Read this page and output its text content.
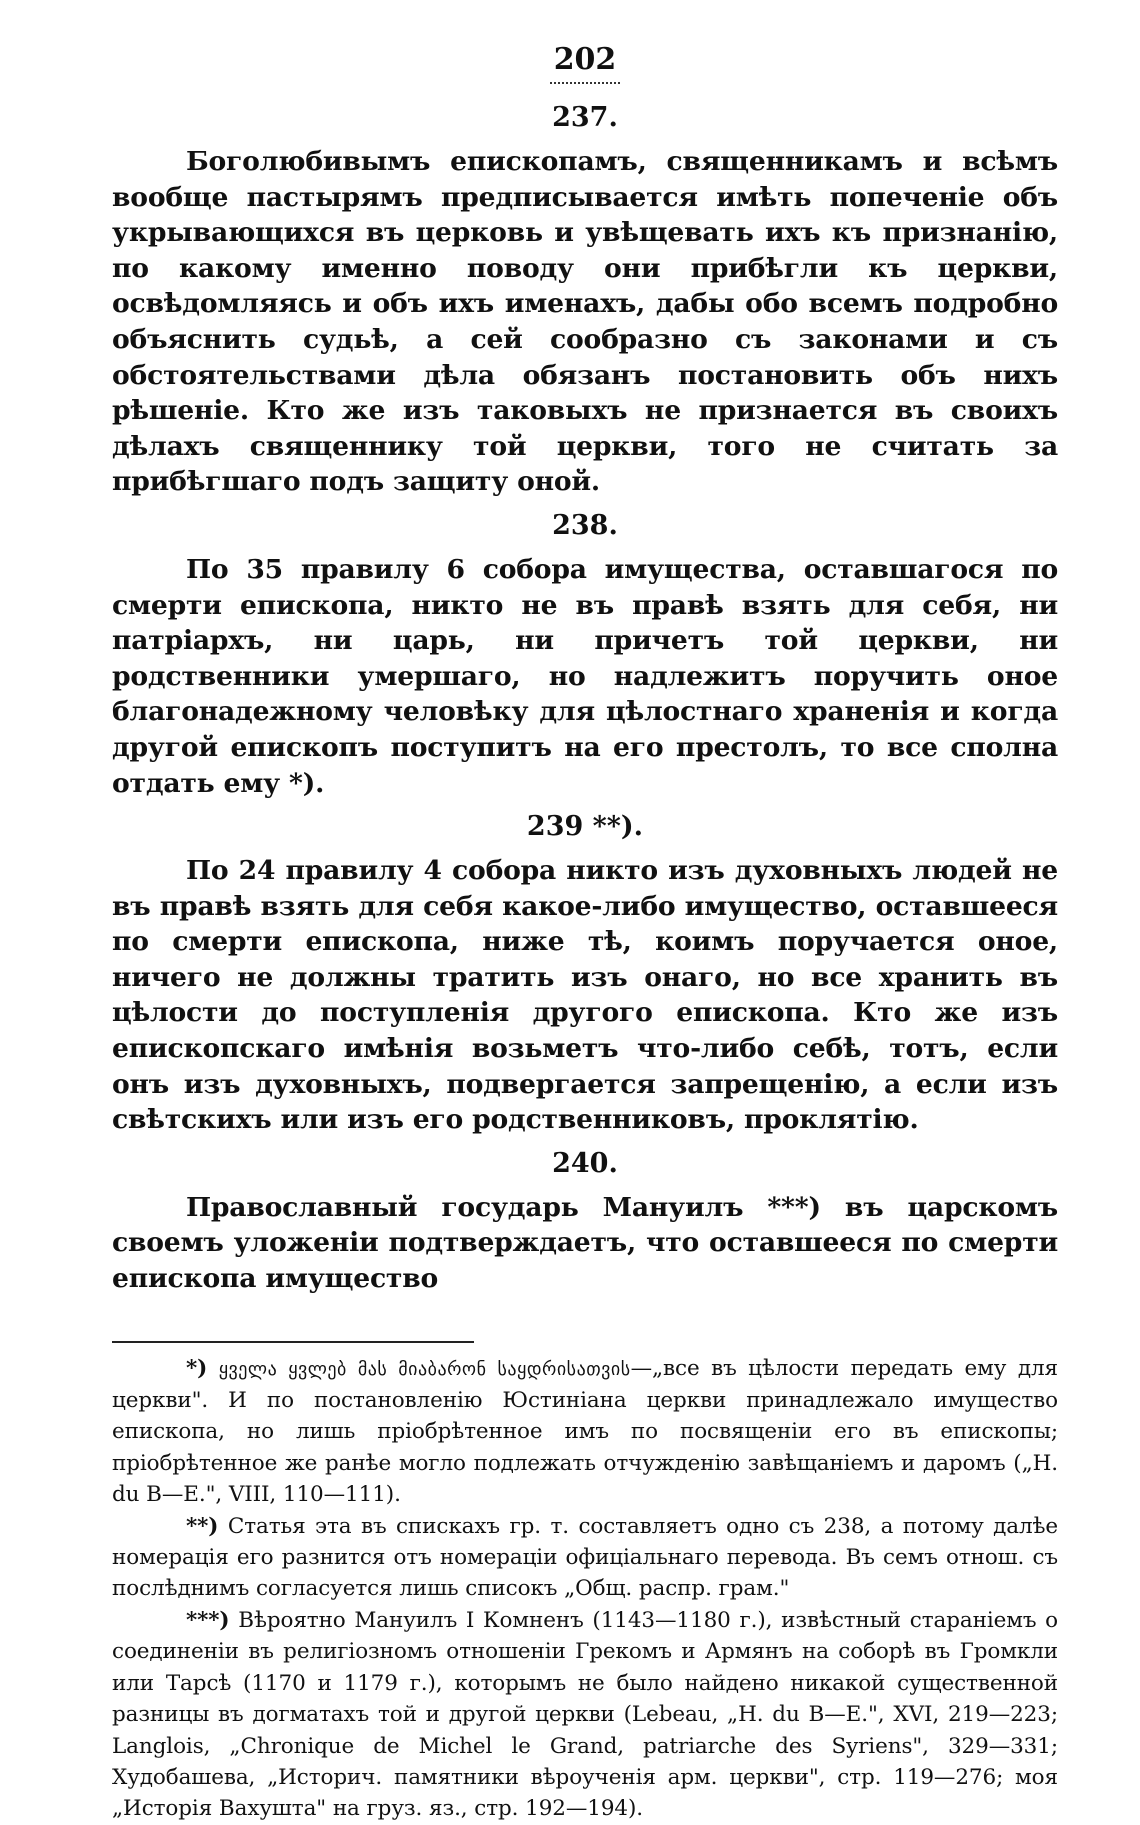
202
237.

Боголюбивымъ епископамъ, священникамъ и всѣмъ вообще пастырямъ предписывается имѣть попеченіе объ укрывающихся въ церковь и увѣщевать ихъ къ признанію, по какому именно поводу они прибѣгли къ церкви, освѣдомляясь и объ ихъ именахъ, дабы обо всемъ подробно объяснить судьѣ, а сей сообразно съ законами и съ обстоятельствами дѣла обязанъ постановить объ нихъ рѣшеніе. Кто же изъ таковыхъ не признается въ своихъ дѣлахъ священнику той церкви, того не считать за прибѣгшаго подъ защиту оной.

238.

По 35 правилу 6 собора имущества, оставшагося по смерти епископа, никто не въ правѣ взять для себя, ни патріархъ, ни царь, ни причетъ той церкви, ни родственники умершаго, но надлежитъ поручить оное благонадежному человѣку для цѣлостнаго храненія и когда другой епископъ поступитъ на его престолъ, то все сполна отдать ему *).

239 **).

По 24 правилу 4 собора никто изъ духовныхъ людей не въ правѣ взять для себя какое-либо имущество, оставшееся по смерти епископа, ниже тѣ, коимъ поручается оное, ничего не должны тратить изъ онаго, но все хранить въ цѣлости до поступленія другого епископа. Кто же изъ епископскаго имѣнія возьметъ что-либо себѣ, тотъ, если онъ изъ духовныхъ, подвергается запрещенію, а если изъ свѣтскихъ или изъ его родственниковъ, проклятію.

240.

Православный государь Мануилъ ***) въ царскомъ своемъ уложеніи подтверждаетъ, что оставшееся по смерти епископа имущество

*) ყველა ყვლებ მას მიაბარონ საყდრისათვის—„все въ цѣлости передать ему для церкви". И по постановленію Юстиніана церкви принадлежало имущество епископа, но лишь пріобрѣтенное имъ по посвященіи его въ епископы; пріобрѣтенное же ранѣе могло подлежать отчужденію завѣщаніемъ и даромъ („Н. du В—Е.", VIII, 110—111).

**) Статья эта въ спискахъ гр. т. составляетъ одно съ 238, а потому далѣе номерація его разнится отъ номераціи офиціальнаго перевода. Въ семъ отнош. съ послѣднимъ согласуется лишь списокъ „Общ. распр. грам."

***) Вѣроятно Мануилъ I Комненъ (1143—1180 г.), извѣстный стараніемъ о соединеніи въ религіозномъ отношеніи Грекомъ и Армянъ на соборѣ въ Громкли или Тарсѣ (1170 и 1179 г.), которымъ не было найдено никакой существенной разницы въ догматахъ той и другой церкви (Lebeau, „Н. du В—Е.", XVI, 219—223; Langlois, „Chronique de Michel le Grand, patriarche des Syriens", 329—331; Худобашева, „Историч. памятники вѣроученія арм. церкви", стр. 119—276; моя „Исторія Вахушта" на груз. яз., стр. 192—194).
